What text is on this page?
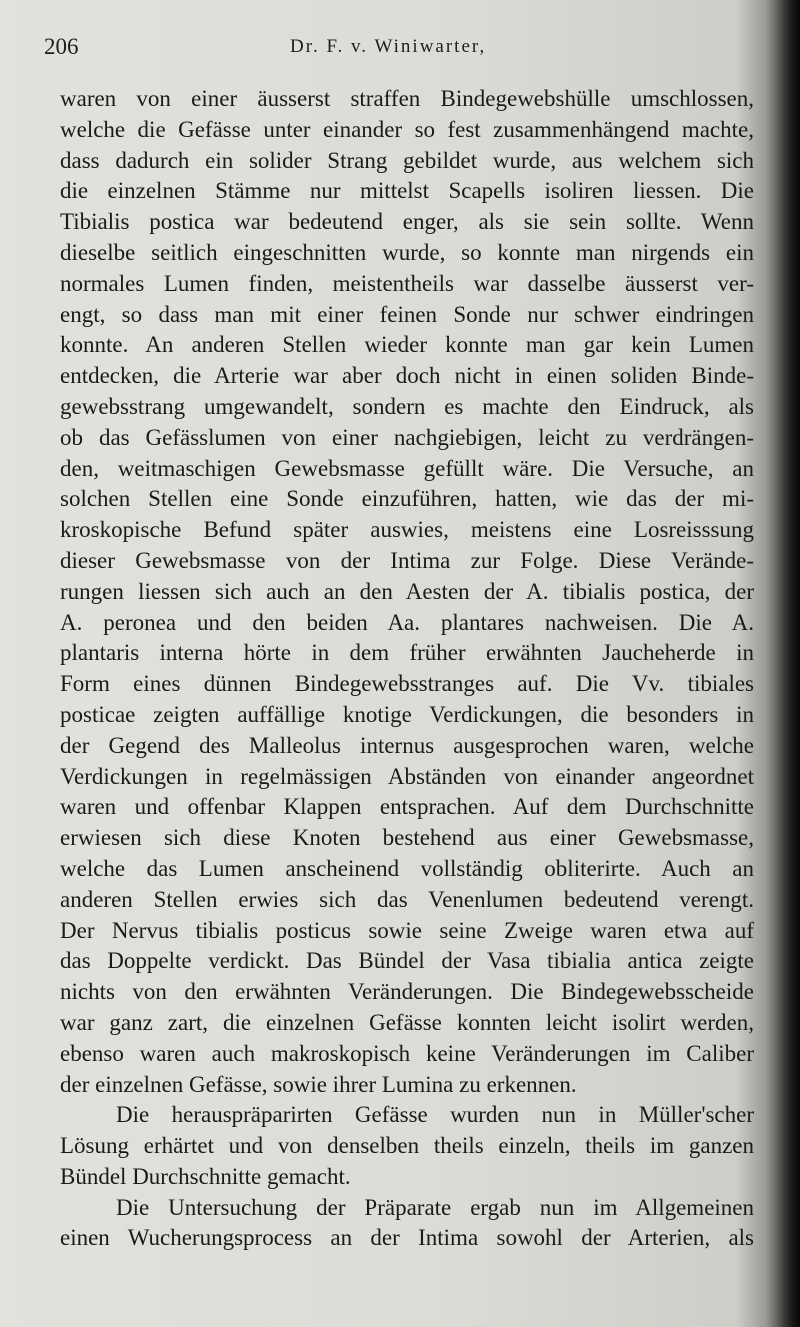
206	Dr. F. v. Winiwarter,
waren von einer äusserst straffen Bindegewebshülle umschlossen,
welche die Gefässe unter einander so fest zusammenhängend machte,
dass dadurch ein solider Strang gebildet wurde, aus welchem sich
die einzelnen Stämme nur mittelst Scapells isoliren liessen. Die
Tibialis postica war bedeutend enger, als sie sein sollte. Wenn
dieselbe seitlich eingeschnitten wurde, so konnte man nirgends ein
normales Lumen finden, meistentheils war dasselbe äusserst ver-
engt, so dass man mit einer feinen Sonde nur schwer eindringen
konnte. An anderen Stellen wieder konnte man gar kein Lumen
entdecken, die Arterie war aber doch nicht in einen soliden Binde-
gewebsstrang umgewandelt, sondern es machte den Eindruck, als
ob das Gefässlumen von einer nachgiebigen, leicht zu verdrängen-
den, weitmaschigen Gewebsmasse gefüllt wäre. Die Versuche, an
solchen Stellen eine Sonde einzuführen, hatten, wie das der mi-
kroskopische Befund später auswies, meistens eine Losreisssung
dieser Gewebsmasse von der Intima zur Folge. Diese Verände-
rungen liessen sich auch an den Aesten der A. tibialis postica, der
A. peronea und den beiden Aa. plantares nachweisen. Die A.
plantaris interna hörte in dem früher erwähnten Jaucheherde in
Form eines dünnen Bindegewebsstranges auf. Die Vv. tibiales
posticae zeigten auffällige knotige Verdickungen, die besonders in
der Gegend des Malleolus internus ausgesprochen waren, welche
Verdickungen in regelmässigen Abständen von einander angeordnet
waren und offenbar Klappen entsprachen. Auf dem Durchschnitte
erwiesen sich diese Knoten bestehend aus einer Gewebsmasse,
welche das Lumen anscheinend vollständig obliterirte. Auch an
anderen Stellen erwies sich das Venenlumen bedeutend verengt.
Der Nervus tibialis posticus sowie seine Zweige waren etwa auf
das Doppelte verdickt. Das Bündel der Vasa tibialia antica zeigte
nichts von den erwähnten Veränderungen. Die Bindegewebsscheide
war ganz zart, die einzelnen Gefässe konnten leicht isolirt werden,
ebenso waren auch makroskopisch keine Veränderungen im Caliber
der einzelnen Gefässe, sowie ihrer Lumina zu erkennen.
Die herauspräparirten Gefässe wurden nun in Müller'scher
Lösung erhärtet und von denselben theils einzeln, theils im ganzen
Bündel Durchschnitte gemacht.
Die Untersuchung der Präparate ergab nun im Allgemeinen
einen Wucherungsprocess an der Intima sowohl der Arterien, als
